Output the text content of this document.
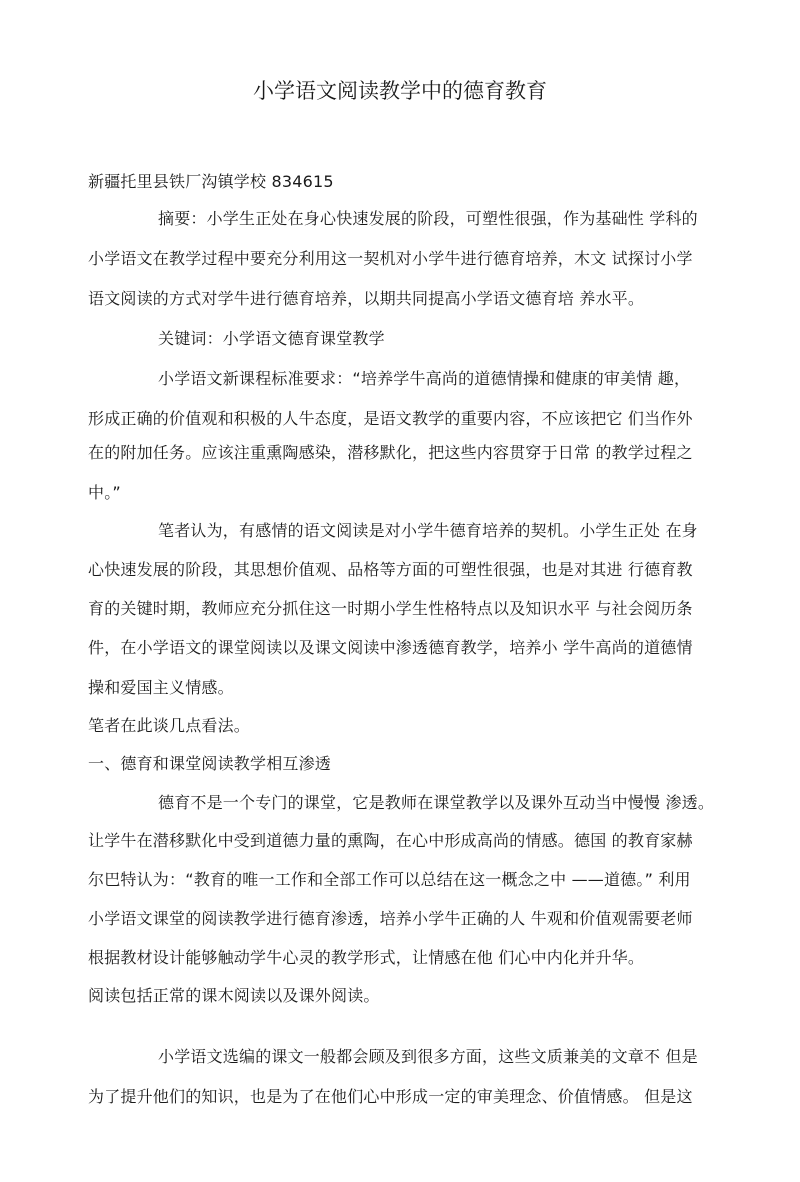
小学语文阅读教学中的德育教育
新疆托里县铁厂沟镇学校 834615
摘要：小学生正处在身心快速发展的阶段，可塑性很强，作为基础性 学科的
小学语文在教学过程中要充分利用这一契机对小学牛进行德育培养，木文 试探讨小学
语文阅读的方式对学牛进行德育培养，以期共同提高小学语文德育培 养水平。
关键词：小学语文德育课堂教学
小学语文新课程标准要求：“培养学牛高尚的道德情操和健康的审美情 趣，
形成正确的价值观和积极的人牛态度，是语文教学的重要内容，不应该把它 们当作外
在的附加任务。应该注重熏陶感染，潜移默化，把这些内容贯穿于日常 的教学过程之
中。”
笔者认为，有感情的语文阅读是对小学牛德育培养的契机。小学生正处 在身
心快速发展的阶段，其思想价值观、品格等方面的可塑性很强，也是对其进 行德育教
育的关键时期，教师应充分抓住这一时期小学生性格特点以及知识水平 与社会阅历条
件，在小学语文的课堂阅读以及课文阅读中渗透德育教学，培养小 学牛高尚的道德情
操和爱国主义情感。
笔者在此谈几点看法。
一、德育和课堂阅读教学相互渗透
德育不是一个专门的课堂，它是教师在课堂教学以及课外互动当中慢慢 渗透。
让学牛在潜移默化中受到道德力量的熏陶，在心中形成高尚的情感。德国 的教育家赫
尔巴特认为：“教育的唯一工作和全部工作可以总结在这一概念之中 ——道德。” 利用
小学语文课堂的阅读教学进行德育渗透，培养小学牛正确的人 牛观和价值观需要老师
根据教材设计能够触动学牛心灵的教学形式，让情感在他 们心中内化并升华。
阅读包括正常的课木阅读以及课外阅读。
小学语文选编的课文一般都会顾及到很多方面，这些文质兼美的文章不 但是
为了提升他们的知识，也是为了在他们心中形成一定的审美理念、价值情感。 但是这
